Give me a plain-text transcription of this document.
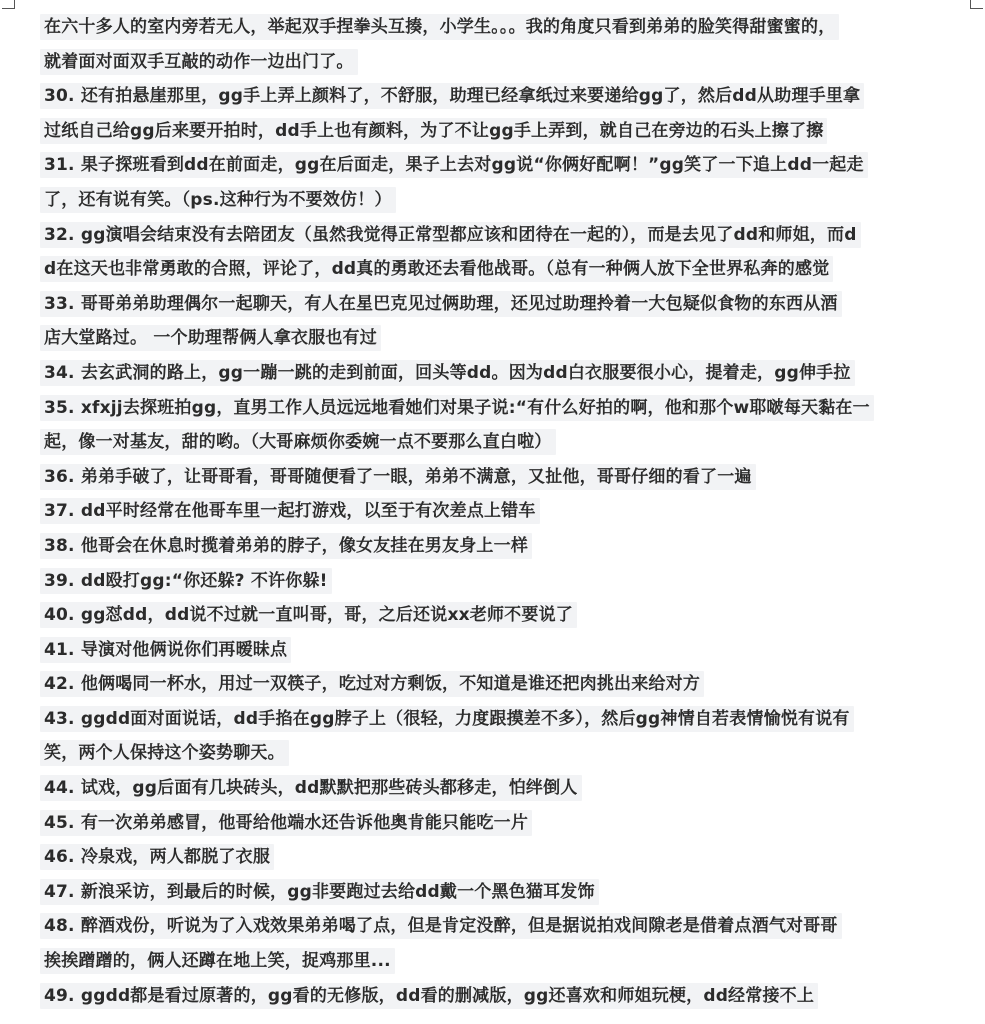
在六十多人的室内旁若无人，举起双手捏拳头互揍，小学生。。。我的角度只看到弟弟的脸笑得甜蜜蜜的，
就着面对面双手互敲的动作一边出门了。
30. 还有拍悬崖那里，gg手上弄上颜料了，不舒服，助理已经拿纸过来要递给gg了，然后dd从助理手里拿
过纸自己给gg后来要开拍时，dd手上也有颜料，为了不让gg手上弄到，就自己在旁边的石头上擦了擦
31. 果子探班看到dd在前面走，gg在后面走，果子上去对gg说“你俩好配啊！”gg笑了一下追上dd一起走
了，还有说有笑。（ps.这种行为不要效仿！）
32. gg演唱会结束没有去陪团友（虽然我觉得正常型都应该和团待在一起的），而是去见了dd和师姐，而d
d在这天也非常勇敢的合照，评论了，dd真的勇敢还去看他战哥。（总有一种俩人放下全世界私奔的感觉
33. 哥哥弟弟助理偶尔一起聊天，有人在星巴克见过俩助理，还见过助理拎着一大包疑似食物的东西从酒
店大堂路过。 一个助理帮俩人拿衣服也有过
34. 去玄武洞的路上，gg一蹦一跳的走到前面，回头等dd。因为dd白衣服要很小心，提着走，gg伸手拉
35. xfxjj去探班拍gg，直男工作人员远远地看她们对果子说:“有什么好拍的啊，他和那个w耶啵每天黏在一
起，像一对基友，甜的哟。（大哥麻烦你委婉一点不要那么直白啦）
36. 弟弟手破了，让哥哥看，哥哥随便看了一眼，弟弟不满意，又扯他，哥哥仔细的看了一遍
37. dd平时经常在他哥车里一起打游戏，以至于有次差点上错车
38. 他哥会在休息时揽着弟弟的脖子，像女友挂在男友身上一样
39. dd殴打gg:“你还躲? 不许你躲!
40. gg怼dd，dd说不过就一直叫哥，哥，之后还说xx老师不要说了
41. 导演对他俩说你们再暧昧点
42. 他俩喝同一杯水，用过一双筷子，吃过对方剩饭，不知道是谁还把肉挑出来给对方
43. ggdd面对面说话，dd手掐在gg脖子上（很轻，力度跟摸差不多），然后gg神情自若表情愉悦有说有
笑，两个人保持这个姿势聊天。
44. 试戏，gg后面有几块砖头，dd默默把那些砖头都移走，怕绊倒人
45. 有一次弟弟感冒，他哥给他端水还告诉他奥肯能只能吃一片
46. 冷泉戏，两人都脱了衣服
47. 新浪采访，到最后的时候，gg非要跑过去给dd戴一个黑色猫耳发饰
48. 醉酒戏份，听说为了入戏效果弟弟喝了点，但是肯定没醉，但是据说拍戏间隙老是借着点酒气对哥哥
挨挨蹭蹭的，俩人还蹲在地上笑，捉鸡那里...
49. ggdd都是看过原著的，gg看的无修版，dd看的删减版，gg还喜欢和师姐玩梗，dd经常接不上
